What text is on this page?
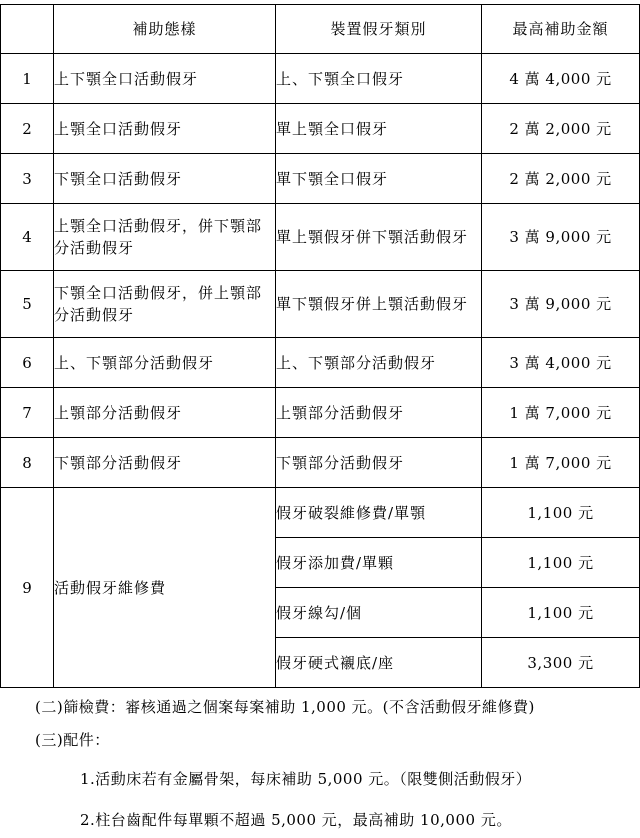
	補助態樣	裝置假牙類別	最高補助金額
1	上下顎全口活動假牙	上、下顎全口假牙	4 萬 4,000 元
2	上顎全口活動假牙	單上顎全口假牙	2 萬 2,000 元
3	下顎全口活動假牙	單下顎全口假牙	2 萬 2,000 元
4	上顎全口活動假牙，併下顎部分活動假牙	單上顎假牙併下顎活動假牙	3 萬 9,000 元
5	下顎全口活動假牙，併上顎部分活動假牙	單下顎假牙併上顎活動假牙	3 萬 9,000 元
6	上、下顎部分活動假牙	上、下顎部分活動假牙	3 萬 4,000 元
7	上顎部分活動假牙	上顎部分活動假牙	1 萬 7,000 元
8	下顎部分活動假牙	下顎部分活動假牙	1 萬 7,000 元
9	活動假牙維修費	假牙破裂維修費/單顎	1,100 元
		假牙添加費/單顆	1,100 元
		假牙線勾/個	1,100 元
		假牙硬式襯底/座	3,300 元
(二)篩檢費：審核通過之個案每案補助 1,000 元。(不含活動假牙維修費)
(三)配件：
1.活動床若有金屬骨架，每床補助 5,000 元。（限雙側活動假牙）
2.柱台齒配件每單顆不超過 5,000 元，最高補助 10,000 元。
